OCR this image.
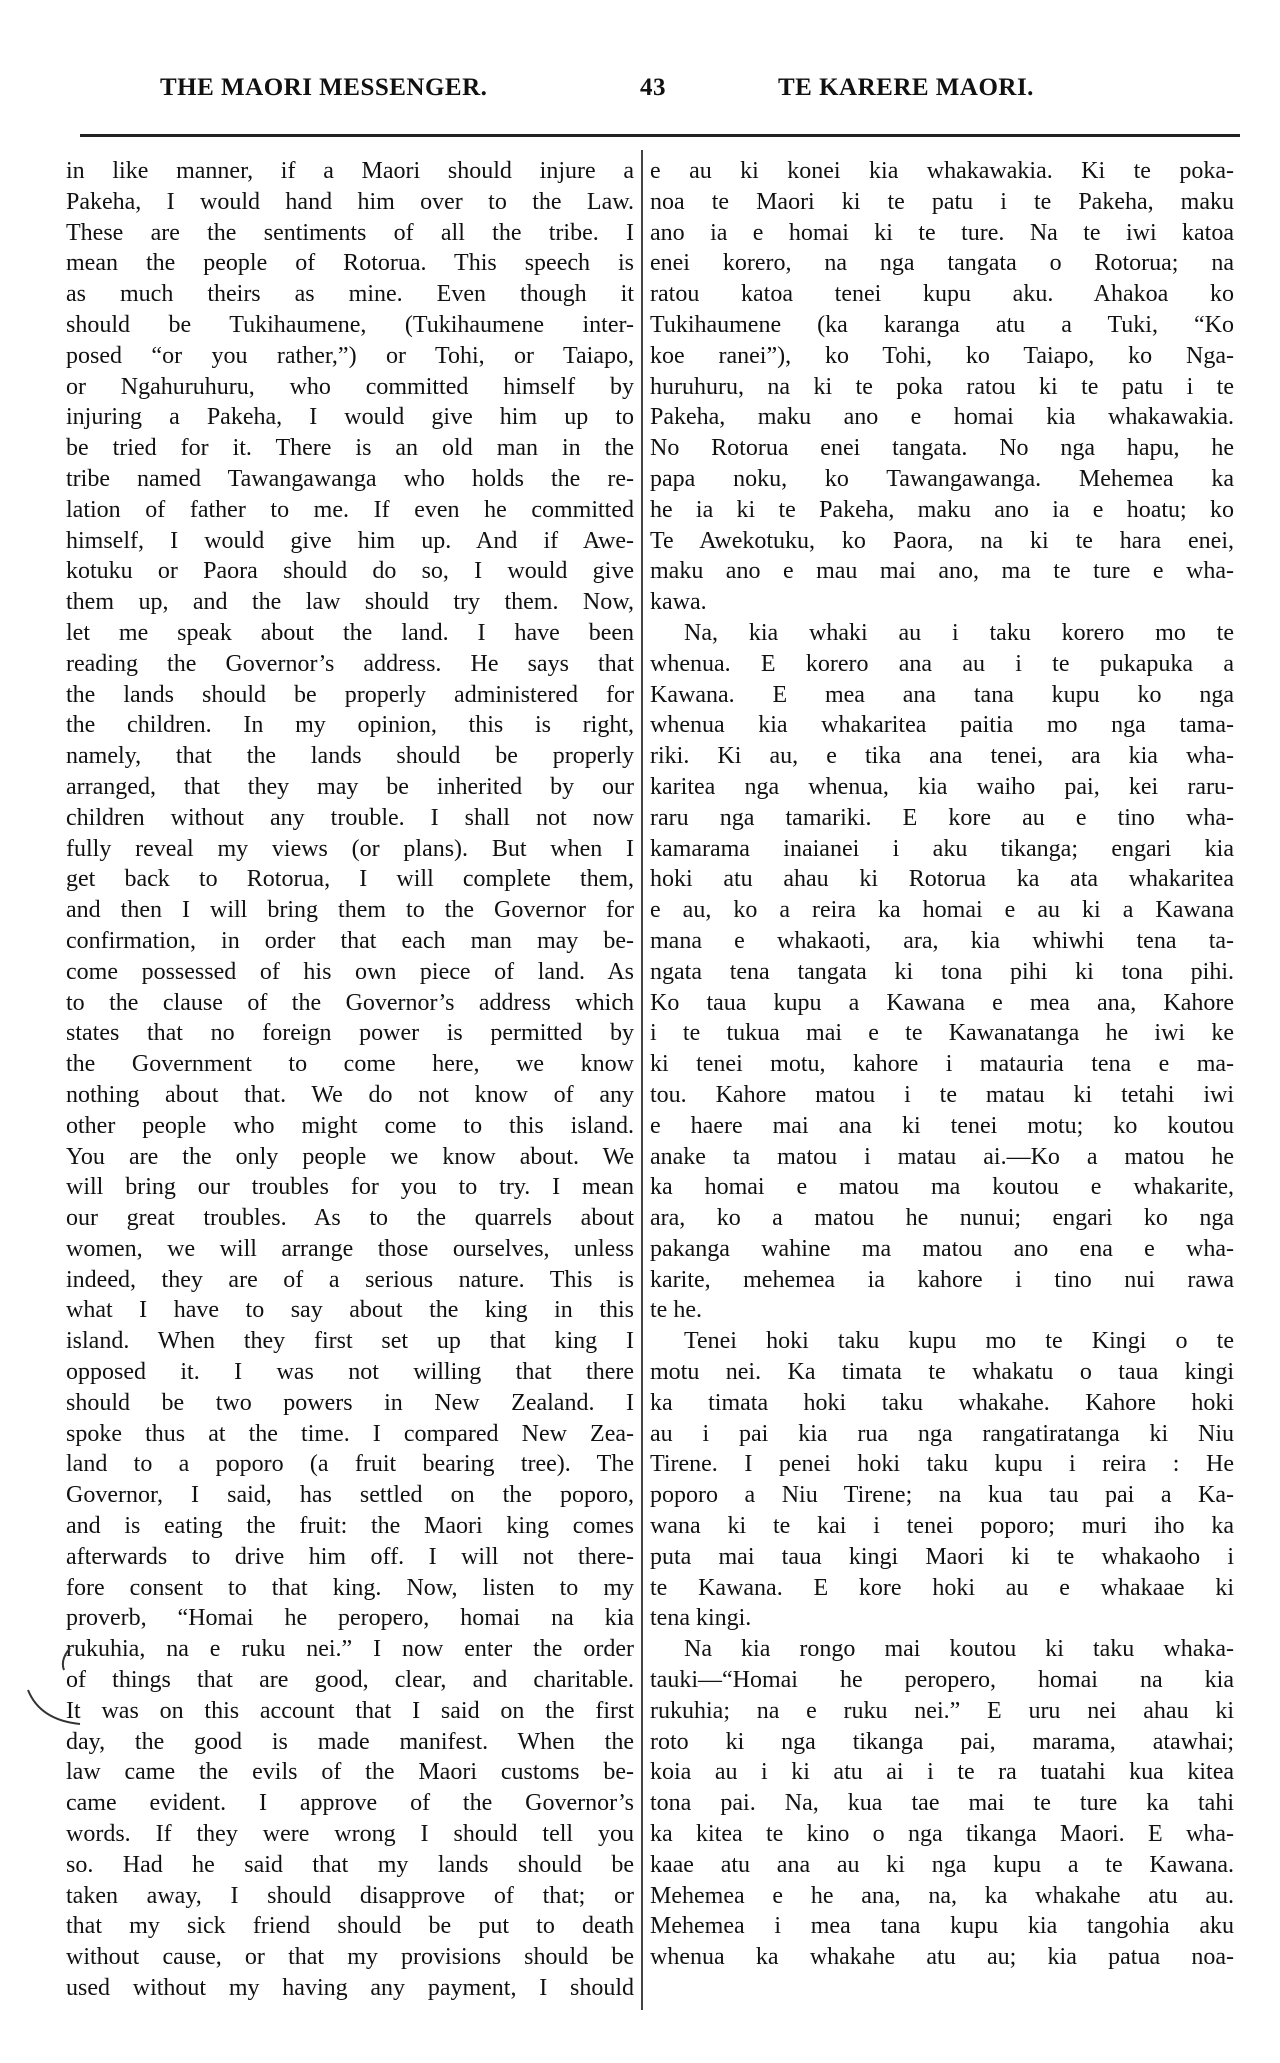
THE MAORI MESSENGER.	43	TE KARERE MAORI.
in like manner, if a Maori should injure a
Pakeha, I would hand him over to the Law.
These are the sentiments of all the tribe. I
mean the people of Rotorua. This speech is
as much theirs as mine. Even though it
should be Tukihaumene, (Tukihaumene inter-
posed “or you rather,”) or Tohi, or Taiapo,
or Ngahuruhuru, who committed himself by
injuring a Pakeha, I would give him up to
be tried for it. There is an old man in the
tribe named Tawangawanga who holds the re-
lation of father to me. If even he committed
himself, I would give him up. And if Awe-
kotuku or Paora should do so, I would give
them up, and the law should try them. Now,
let me speak about the land. I have been
reading the Governor’s address. He says that
the lands should be properly administered for
the children. In my opinion, this is right,
namely, that the lands should be properly
arranged, that they may be inherited by our
children without any trouble. I shall not now
fully reveal my views (or plans). But when I
get back to Rotorua, I will complete them,
and then I will bring them to the Governor for
confirmation, in order that each man may be-
come possessed of his own piece of land. As
to the clause of the Governor’s address which
states that no foreign power is permitted by
the Government to come here, we know
nothing about that. We do not know of any
other people who might come to this island.
You are the only people we know about. We
will bring our troubles for you to try. I mean
our great troubles. As to the quarrels about
women, we will arrange those ourselves, unless
indeed, they are of a serious nature. This is
what I have to say about the king in this
island. When they first set up that king I
opposed it. I was not willing that there
should be two powers in New Zealand. I
spoke thus at the time. I compared New Zea-
land to a poporo (a fruit bearing tree). The
Governor, I said, has settled on the poporo,
and is eating the fruit: the Maori king comes
afterwards to drive him off. I will not there-
fore consent to that king. Now, listen to my
proverb, “Homai he peropero, homai na kia
rukuhia, na e ruku nei.” I now enter the order
of things that are good, clear, and charitable.
It was on this account that I said on the first
day, the good is made manifest. When the
law came the evils of the Maori customs be-
came evident. I approve of the Governor’s
words. If they were wrong I should tell you
so. Had he said that my lands should be
taken away, I should disapprove of that; or
that my sick friend should be put to death
without cause, or that my provisions should be
used without my having any payment, I should
e au ki konei kia whakawakia. Ki te poka-
noa te Maori ki te patu i te Pakeha, maku
ano ia e homai ki te ture. Na te iwi katoa
enei korero, na nga tangata o Rotorua; na
ratou katoa tenei kupu aku. Ahakoa ko
Tukihaumene (ka karanga atu a Tuki, “Ko
koe ranei”), ko Tohi, ko Taiapo, ko Nga-
huruhuru, na ki te poka ratou ki te patu i te
Pakeha, maku ano e homai kia whakawakia.
No Rotorua enei tangata. No nga hapu, he
papa noku, ko Tawangawanga. Mehemea ka
he ia ki te Pakeha, maku ano ia e hoatu; ko
Te Awekotuku, ko Paora, na ki te hara enei,
maku ano e mau mai ano, ma te ture e wha-
kawa.
Na, kia whaki au i taku korero mo te
whenua. E korero ana au i te pukapuka a
Kawana. E mea ana tana kupu ko nga
whenua kia whakaritea paitia mo nga tama-
riki. Ki au, e tika ana tenei, ara kia wha-
karitea nga whenua, kia waiho pai, kei raru-
raru nga tamariki. E kore au e tino wha-
kamarama inaianei i aku tikanga; engari kia
hoki atu ahau ki Rotorua ka ata whakaritea
e au, ko a reira ka homai e au ki a Kawana
mana e whakaoti, ara, kia whiwhi tena ta-
ngata tena tangata ki tona pihi ki tona pihi.
Ko taua kupu a Kawana e mea ana, Kahore
i te tukua mai e te Kawanatanga he iwi ke
ki tenei motu, kahore i matauria tena e ma-
tou. Kahore matou i te matau ki tetahi iwi
e haere mai ana ki tenei motu; ko koutou
anake ta matou i matau ai.—Ko a matou he
ka homai e matou ma koutou e whakarite,
ara, ko a matou he nunui; engari ko nga
pakanga wahine ma matou ano ena e wha-
karite, mehemea ia kahore i tino nui rawa
te he.
Tenei hoki taku kupu mo te Kingi o te
motu nei. Ka timata te whakatu o taua kingi
ka timata hoki taku whakahe. Kahore hoki
au i pai kia rua nga rangatiratanga ki Niu
Tirene. I penei hoki taku kupu i reira : He
poporo a Niu Tirene; na kua tau pai a Ka-
wana ki te kai i tenei poporo; muri iho ka
puta mai taua kingi Maori ki te whakaoho i
te Kawana. E kore hoki au e whakaae ki
tena kingi.
Na kia rongo mai koutou ki taku whaka-
tauki—“Homai he peropero, homai na kia
rukuhia; na e ruku nei.” E uru nei ahau ki
roto ki nga tikanga pai, marama, atawhai;
koia au i ki atu ai i te ra tuatahi kua kitea
tona pai. Na, kua tae mai te ture ka tahi
ka kitea te kino o nga tikanga Maori. E wha-
kaae atu ana au ki nga kupu a te Kawana.
Mehemea e he ana, na, ka whakahe atu au.
Mehemea i mea tana kupu kia tangohia aku
whenua ka whakahe atu au; kia patua noa-
